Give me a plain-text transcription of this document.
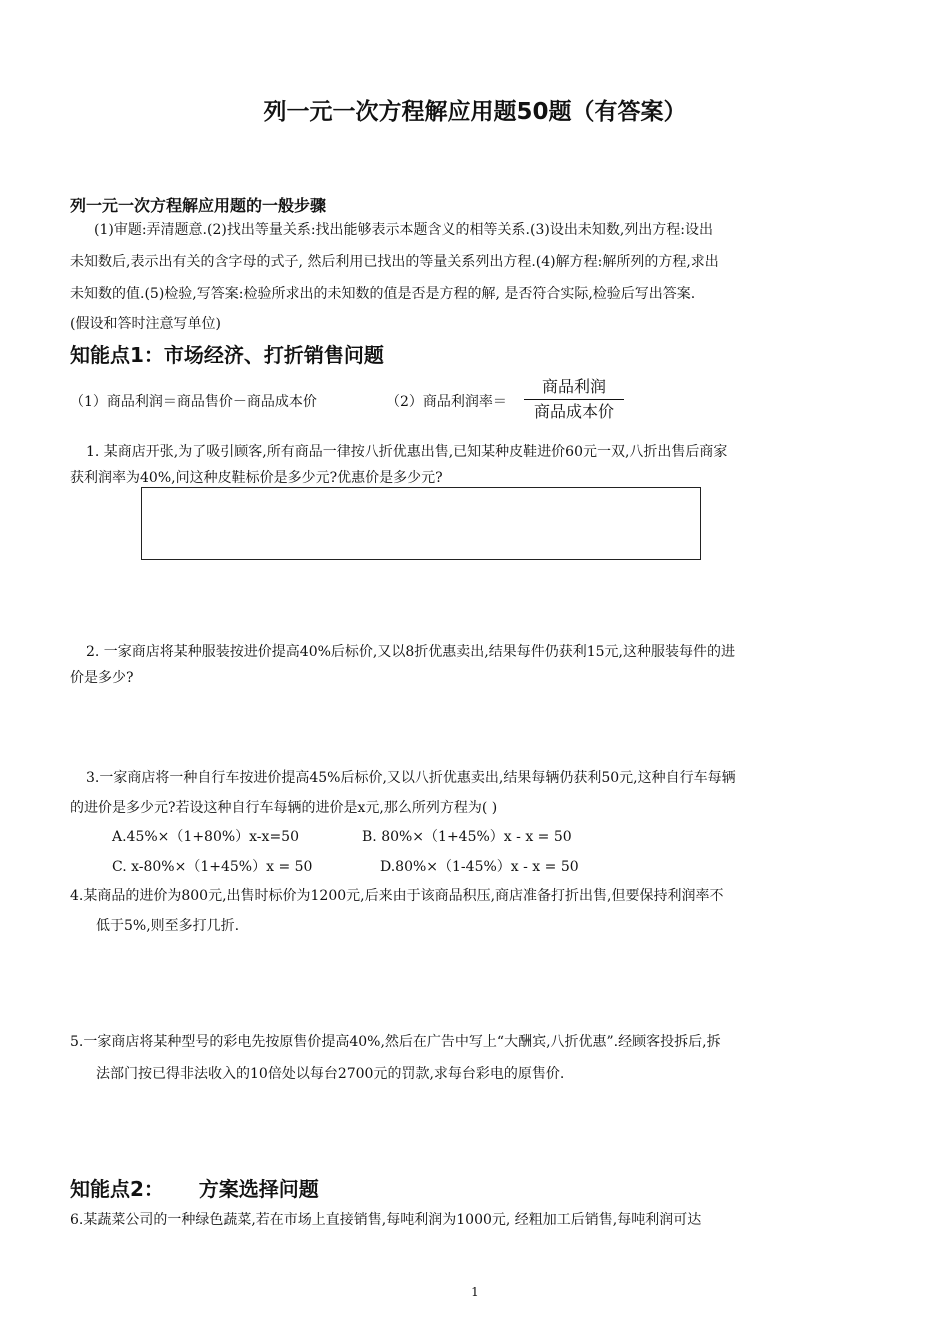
列一元一次方程解应用题50题（有答案）
列一元一次方程解应用题的一般步骤
(1)审题:弄清题意.(2)找出等量关系:找出能够表示本题含义的相等关系.(3)设出未知数,列出方程:设出
未知数后,表示出有关的含字母的式子, 然后利用已找出的等量关系列出方程.(4)解方程:解所列的方程,求出
未知数的值.(5)检验,写答案:检验所求出的未知数的值是否是方程的解, 是否符合实际,检验后写出答案.
(假设和答时注意写单位)
知能点1：市场经济、打折销售问题
（1）商品利润＝商品售价－商品成本价	（2）商品利润率＝
商品利润
商品成本价
1. 某商店开张,为了吸引顾客,所有商品一律按八折优惠出售,已知某种皮鞋进价60元一双,八折出售后商家
获利润率为40%,问这种皮鞋标价是多少元?优惠价是多少元?
2. 一家商店将某种服装按进价提高40%后标价,又以8折优惠卖出,结果每件仍获利15元,这种服装每件的进
价是多少?
3.一家商店将一种自行车按进价提高45%后标价,又以八折优惠卖出,结果每辆仍获利50元,这种自行车每辆
的进价是多少元?若设这种自行车每辆的进价是x元,那么所列方程为( )
A.45%×（1+80%）x-x=50	B. 80%×（1+45%）x - x = 50
C. x-80%×（1+45%）x = 50	D.80%×（1-45%）x - x = 50
4.某商品的进价为800元,出售时标价为1200元,后来由于该商品积压,商店准备打折出售,但要保持利润率不
低于5%,则至多打几折.
5.一家商店将某种型号的彩电先按原售价提高40%,然后在广告中写上“大酬宾,八折优惠”.经顾客投拆后,拆
法部门按已得非法收入的10倍处以每台2700元的罚款,求每台彩电的原售价.
知能点2：     方案选择问题
6.某蔬菜公司的一种绿色蔬菜,若在市场上直接销售,每吨利润为1000元, 经粗加工后销售,每吨利润可达
1
